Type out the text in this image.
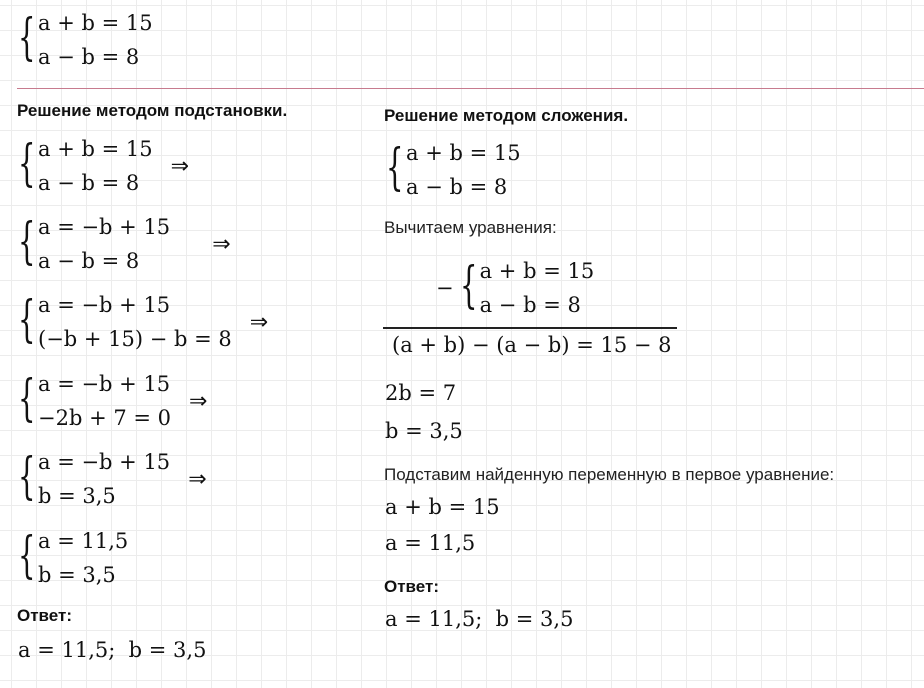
{ a + b = 15
a − b = 8
Решение методом подстановки.
{ a + b = 15
a − b = 8
⇒
{ a = −b + 15
a − b = 8
⇒
{ a = −b + 15
(−b + 15) − b = 8
⇒
{ a = −b + 15
−2b + 7 = 0
⇒
{ a = −b + 15
b = 3,5
⇒
{ a = 11,5
b = 3,5
Ответ:
a = 11,5;  b = 3,5
Решение методом сложения.
{ a + b = 15
a − b = 8
Вычитаем уравнения:
− { a + b = 15
a − b = 8
(a + b) − (a − b) = 15 − 8
2b = 7
b = 3,5
Подставим найденную переменную в первое уравнение:
a + b = 15
a = 11,5
Ответ:
a = 11,5;  b = 3,5
